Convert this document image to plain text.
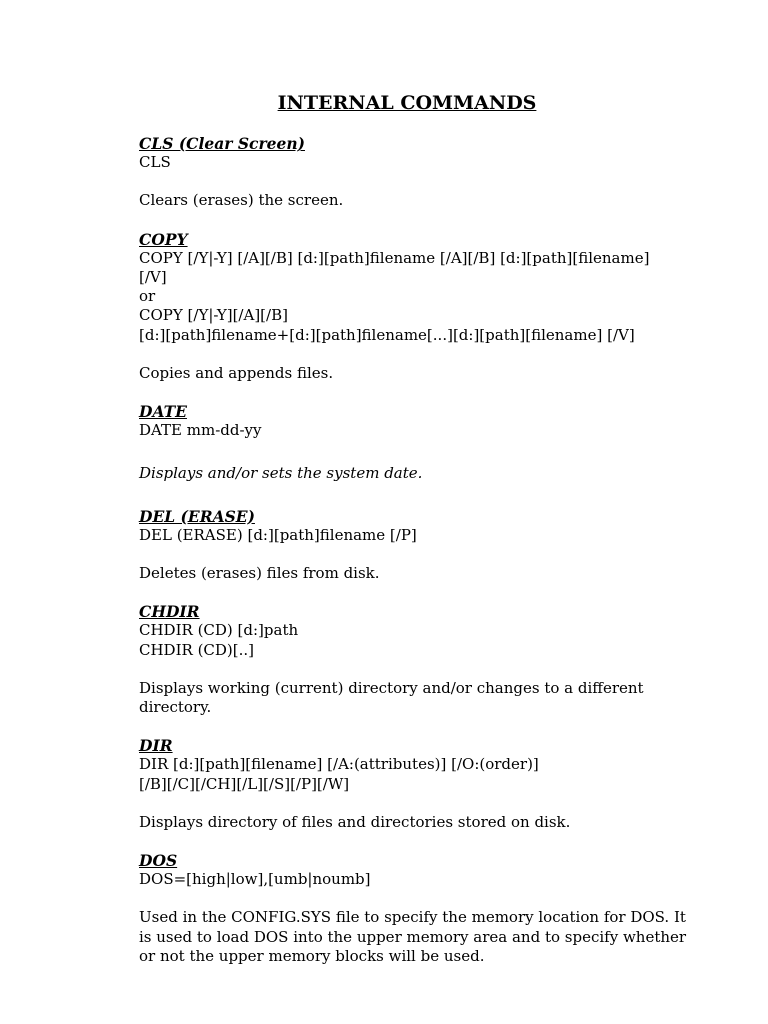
INTERNAL COMMANDS

CLS (Clear Screen)

CLS

Clears (erases) the screen.

COPY

COPY [/Y|-Y] [/A][/B] [d:][path]filename [/A][/B] [d:][path][filename]

[/V]

or

COPY [/Y|-Y][/A][/B]

[d:][path]filename+[d:][path]filename[...][d:][path][filename] [/V]

Copies and appends files.

DATE

DATE mm-dd-yy

Displays and/or sets the system date.

DEL (ERASE)

DEL (ERASE) [d:][path]filename [/P]

Deletes (erases) files from disk.

CHDIR

CHDIR (CD) [d:]path

CHDIR (CD)[..]

Displays working (current) directory and/or changes to a different

directory.

DIR

DIR [d:][path][filename] [/A:(attributes)] [/O:(order)]

[/B][/C][/CH][/L][/S][/P][/W]

Displays directory of files and directories stored on disk.

DOS

DOS=[high|low],[umb|noumb]

Used in the CONFIG.SYS file to specify the memory location for DOS. It

is used to load DOS into the upper memory area and to specify whether

or not the upper memory blocks will be used.
